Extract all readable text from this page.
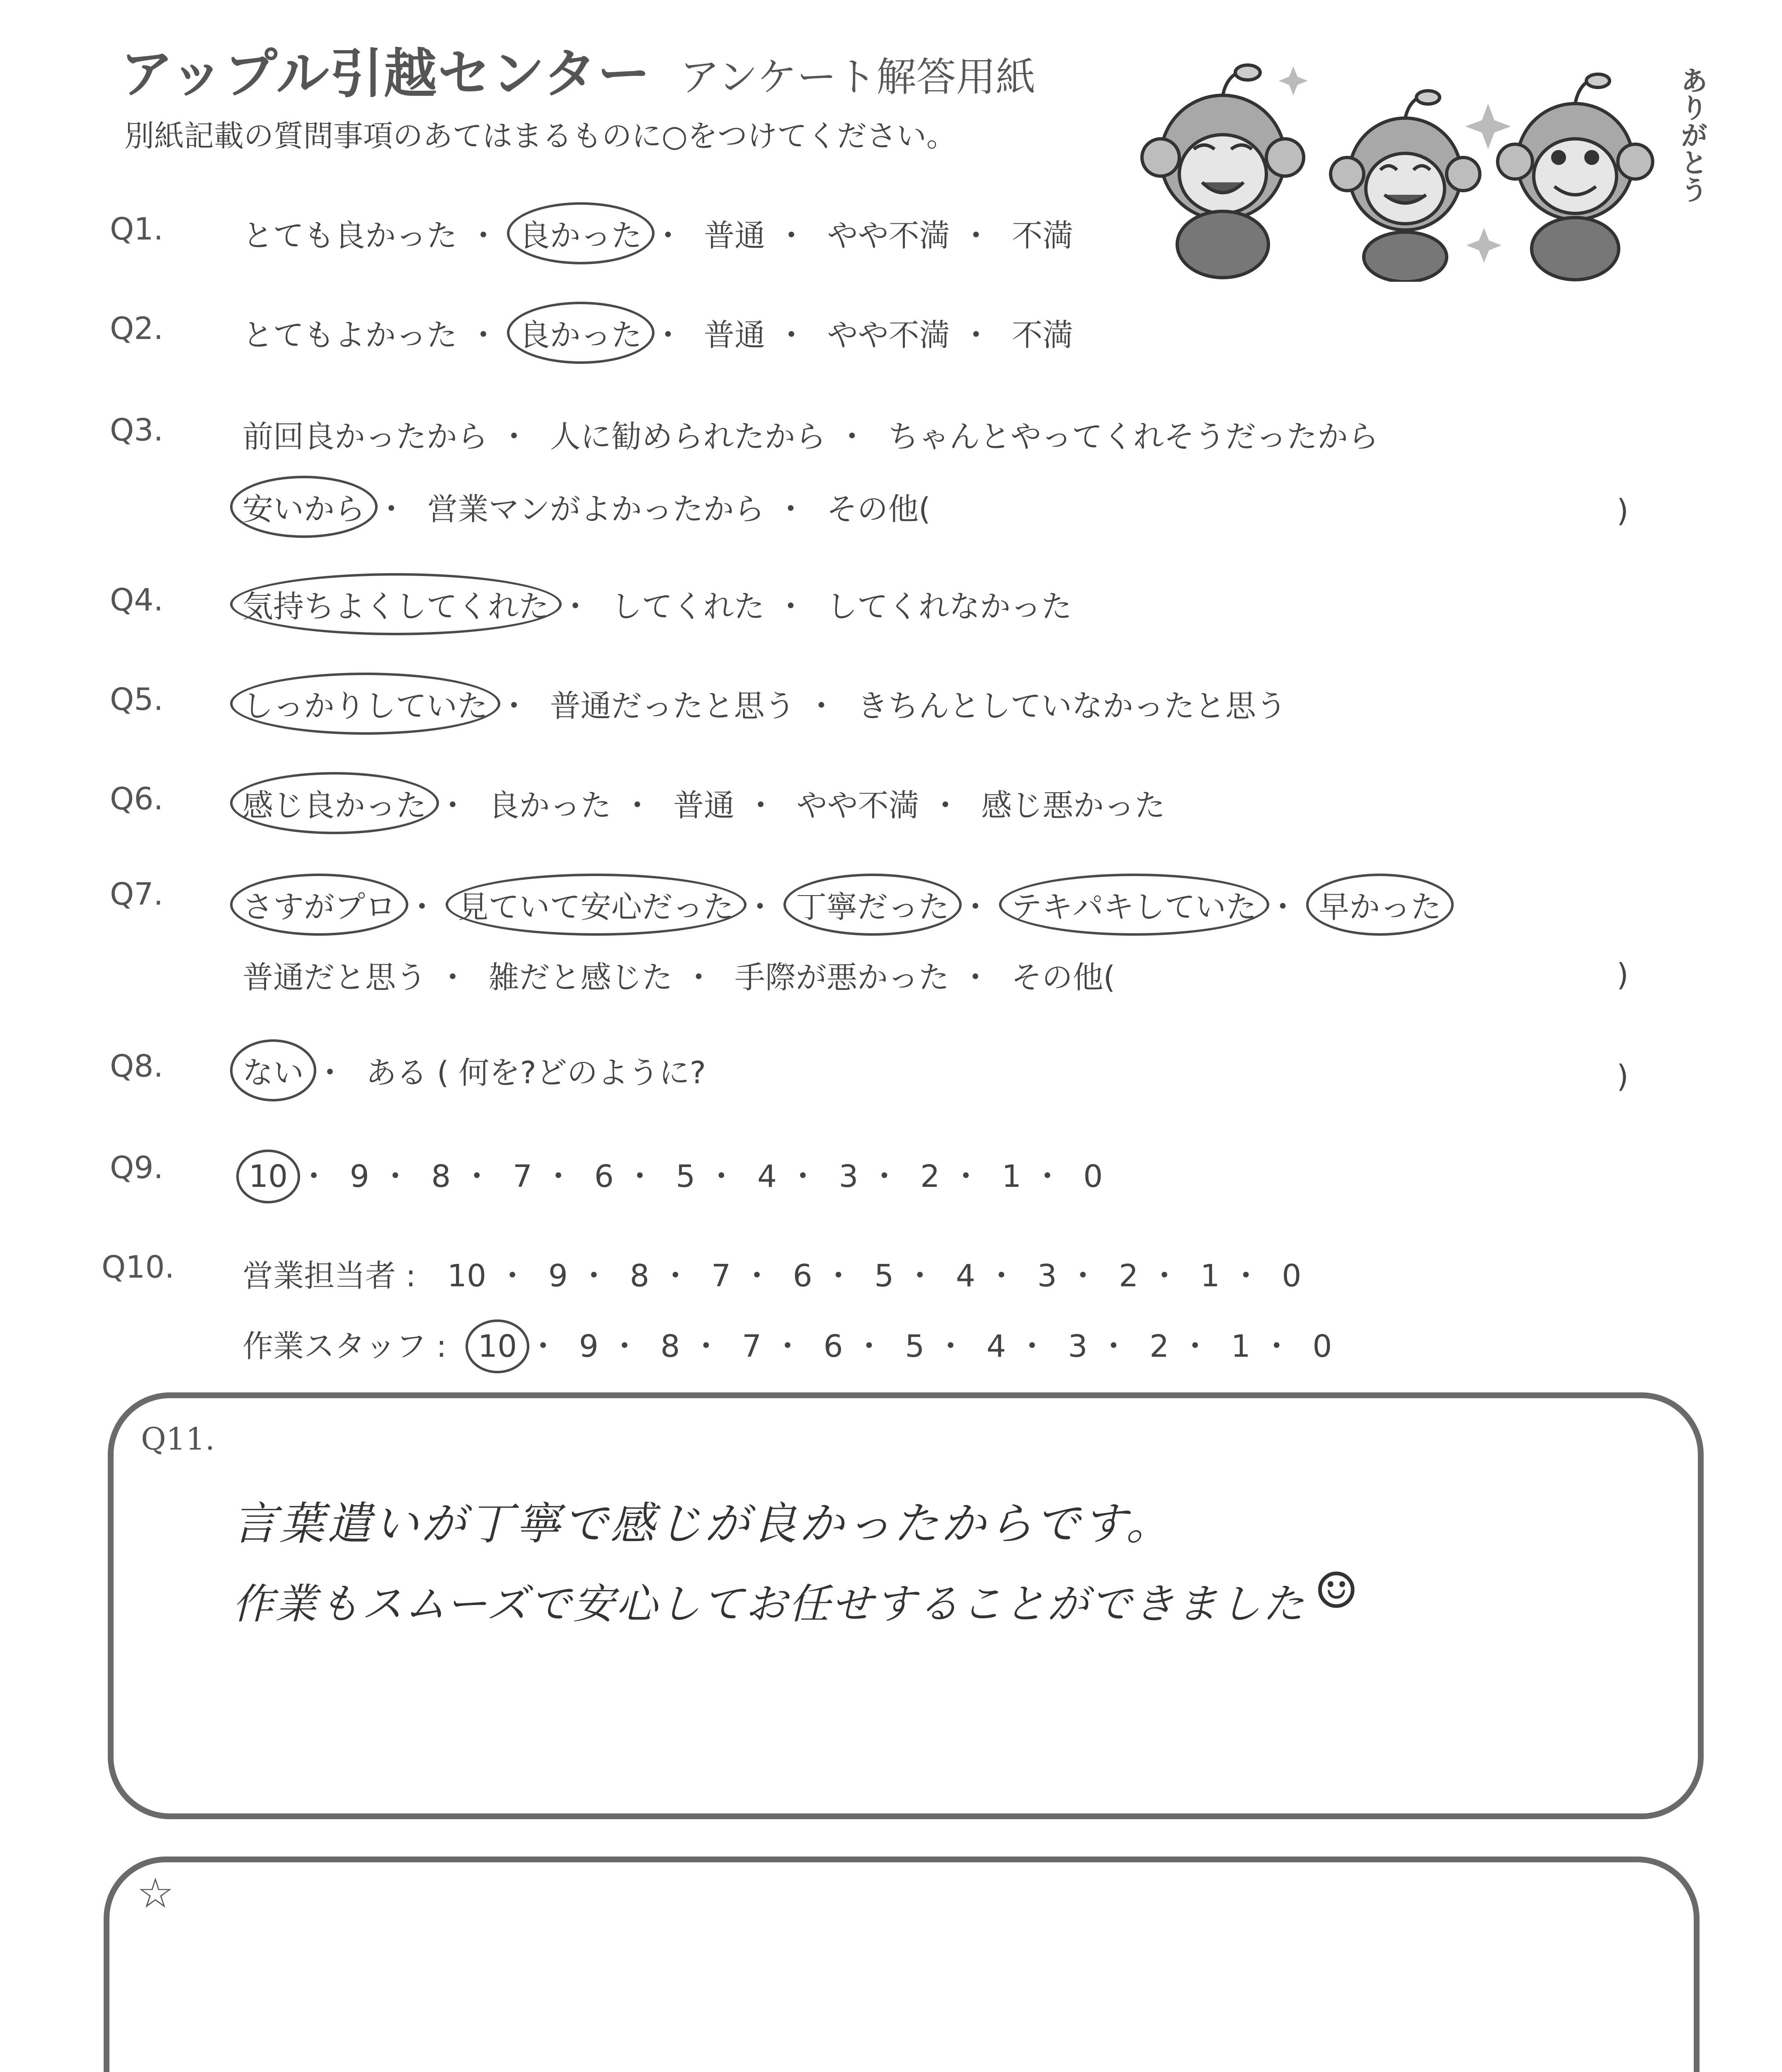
アップル引越センター アンケート解答用紙
別紙記載の質問事項のあてはまるものに○をつけてください。	ありがとう
Q1.	とても良かった ・ 良かった ・ 普通 ・ やや不満 ・ 不満
Q2.	とてもよかった ・ 良かった ・ 普通 ・ やや不満 ・ 不満
Q3.	前回良かったから ・ 人に勧められたから ・ ちゃんとやってくれそうだったから
安いから ・ 営業マンがよかったから ・ その他(	)
Q4.	気持ちよくしてくれた ・ してくれた ・ してくれなかった
Q5.	しっかりしていた ・ 普通だったと思う ・ きちんとしていなかったと思う
Q6.	感じ良かった ・ 良かった ・ 普通 ・ やや不満 ・ 感じ悪かった
Q7.	さすがプロ ・ 見ていて安心だった ・ 丁寧だった ・ テキパキしていた ・ 早かった
普通だと思う ・ 雑だと感じた ・ 手際が悪かった ・ その他(	)
Q8.	ない ・ ある ( 何を?どのように?	)
Q9.	10 ・ 9 ・ 8 ・ 7 ・ 6 ・ 5 ・ 4 ・ 3 ・ 2 ・ 1 ・ 0
Q10. 営業担当者 : 10 ・ 9 ・ 8 ・ 7 ・ 6 ・ 5 ・ 4 ・ 3 ・ 2 ・ 1 ・ 0
作業スタッフ : 10 ・ 9 ・ 8 ・ 7 ・ 6 ・ 5 ・ 4 ・ 3 ・ 2 ・ 1 ・ 0
Q11.
言葉遣いが丁寧で感じが良かったからです。
作業もスムーズで安心してお任せすることができました ☺
☆
